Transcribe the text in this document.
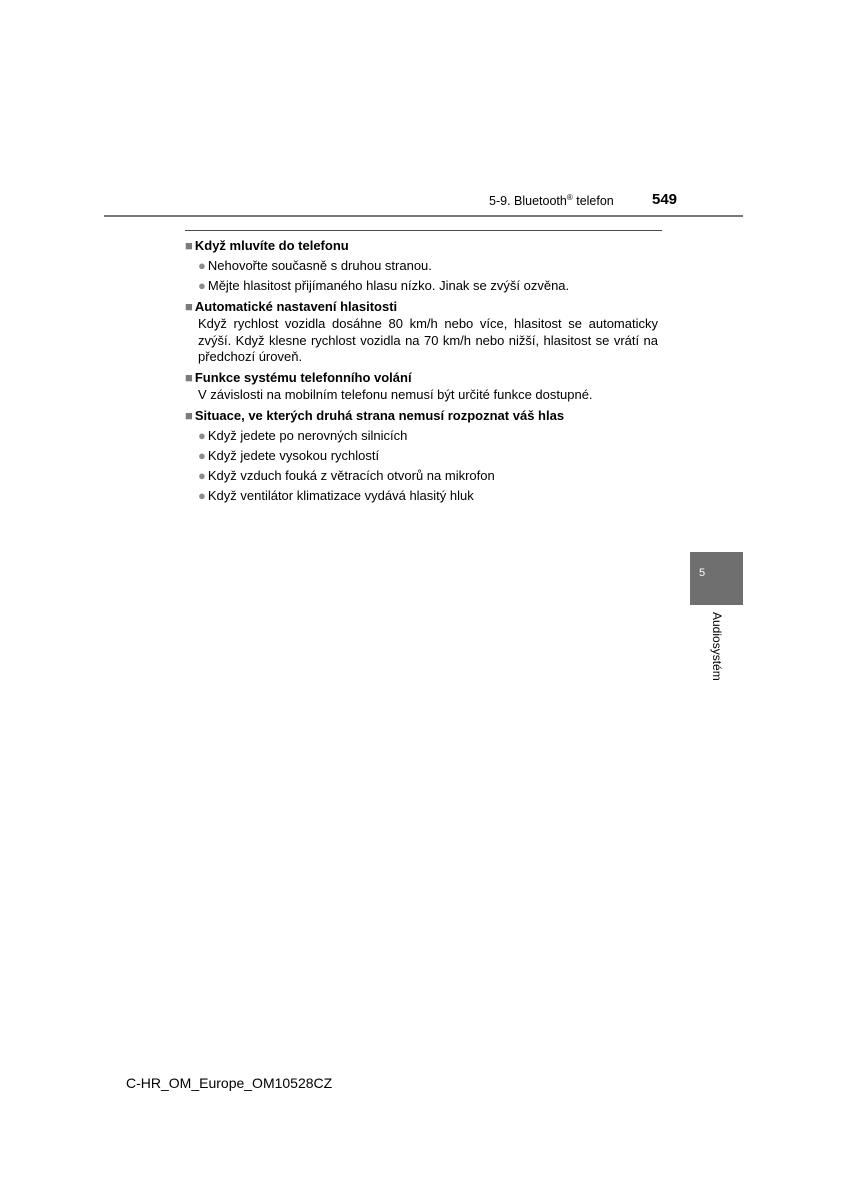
5-9. Bluetooth® telefon	549
■ Když mluvíte do telefonu
● Nehovořte současně s druhou stranou.
● Mějte hlasitost přijímaného hlasu nízko. Jinak se zvýší ozvěna.
■ Automatické nastavení hlasitosti
Když rychlost vozidla dosáhne 80 km/h nebo více, hlasitost se automaticky zvýší. Když klesne rychlost vozidla na 70 km/h nebo nižší, hlasitost se vrátí na předchozí úroveň.
■ Funkce systému telefonního volání
V závislosti na mobilním telefonu nemusí být určité funkce dostupné.
■ Situace, ve kterých druhá strana nemusí rozpoznat váš hlas
● Když jedete po nerovných silnicích
● Když jedete vysokou rychlostí
● Když vzduch fouká z větracích otvorů na mikrofon
● Když ventilátor klimatizace vydává hlasitý hluk
5
Audiosystém
C-HR_OM_Europe_OM10528CZ
